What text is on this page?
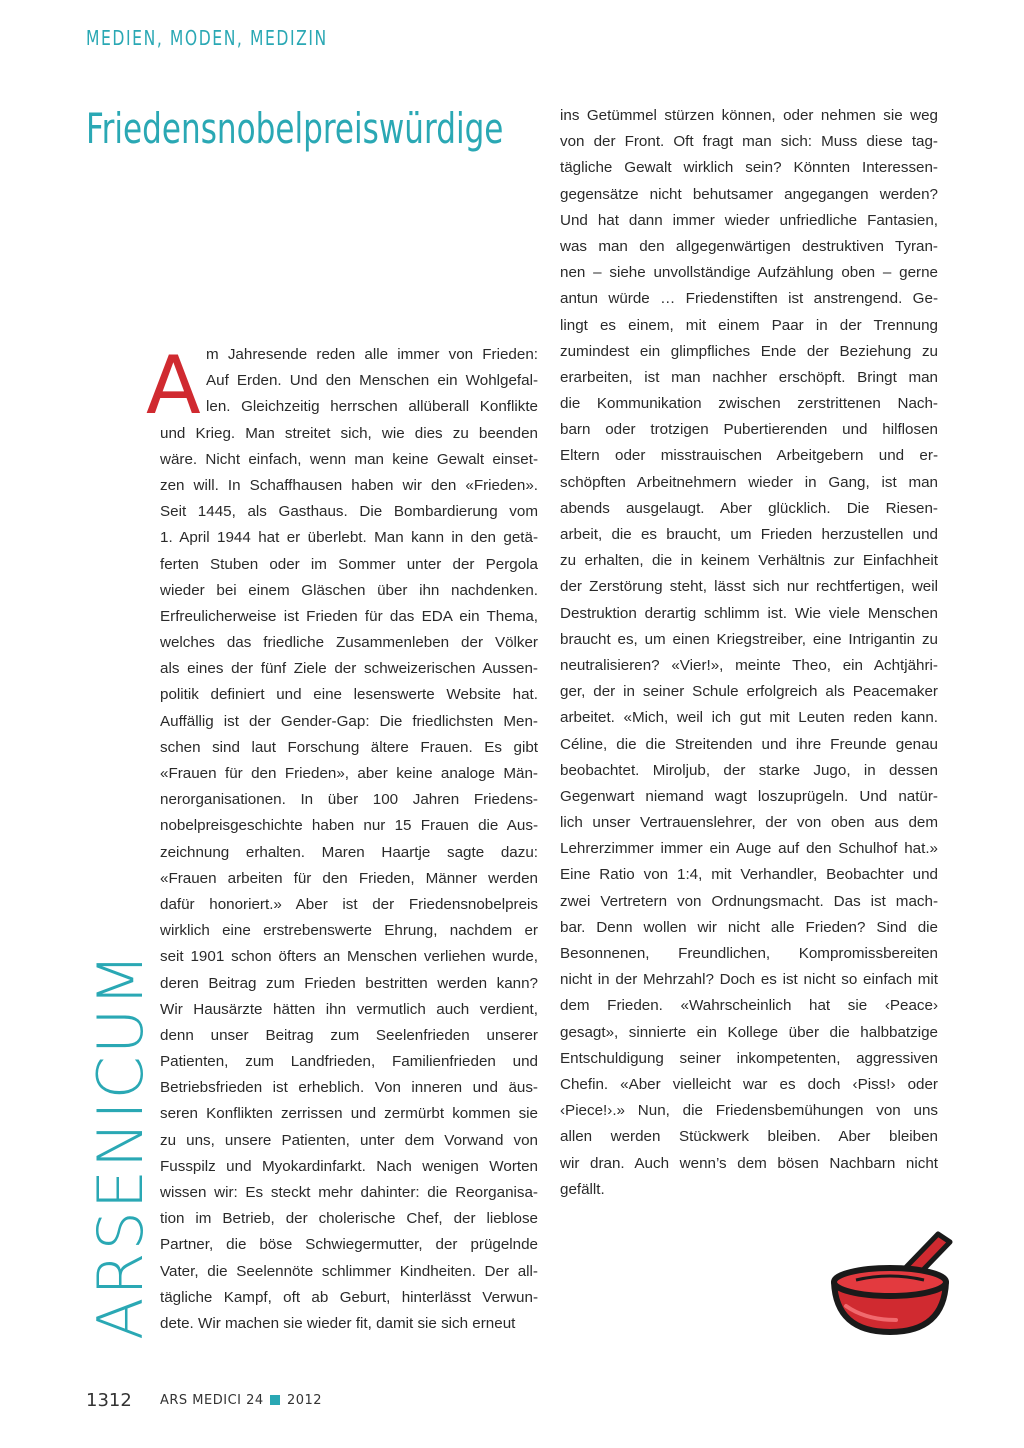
MEDIEN, MODEN, MEDIZIN
Friedensnobelpreiswürdige
A m Jahresende reden alle immer von Frieden:
Auf Erden. Und den Menschen ein Wohlgefal-
len. Gleichzeitig herrschen allüberall Konflikte
und Krieg. Man streitet sich, wie dies zu beenden
wäre. Nicht einfach, wenn man keine Gewalt einset-
zen will. In Schaffhausen haben wir den «Frieden».
Seit 1445, als Gasthaus. Die Bombardierung vom
1. April 1944 hat er überlebt. Man kann in den getä-
ferten Stuben oder im Sommer unter der Pergola
wieder bei einem Gläschen über ihn nachdenken.
Erfreulicherweise ist Frieden für das EDA ein Thema,
welches das friedliche Zusammenleben der Völker
als eines der fünf Ziele der schweizerischen Aussen-
politik definiert und eine lesenswerte Website hat.
Auffällig ist der Gender-Gap: Die friedlichsten Men-
schen sind laut Forschung ältere Frauen. Es gibt
«Frauen für den Frieden», aber keine analoge Män-
nerorganisationen. In über 100 Jahren Friedens-
nobelpreisgeschichte haben nur 15 Frauen die Aus-
zeichnung erhalten. Maren Haartje sagte dazu:
«Frauen arbeiten für den Frieden, Männer werden
dafür honoriert.» Aber ist der Friedensnobelpreis
wirklich eine erstrebenswerte Ehrung, nachdem er
seit 1901 schon öfters an Menschen verliehen wurde,
deren Beitrag zum Frieden bestritten werden kann?
Wir Hausärzte hätten ihn vermutlich auch verdient,
denn unser Beitrag zum Seelenfrieden unserer
Patienten, zum Landfrieden, Familienfrieden und
Betriebsfrieden ist erheblich. Von inneren und äus-
seren Konflikten zerrissen und zermürbt kommen sie
zu uns, unsere Patienten, unter dem Vorwand von
Fusspilz und Myokardinfarkt. Nach wenigen Worten
wissen wir: Es steckt mehr dahinter: die Reorganisa-
tion im Betrieb, der cholerische Chef, der lieblose
Partner, die böse Schwiegermutter, der prügelnde
Vater, die Seelennöte schlimmer Kindheiten. Der all-
tägliche Kampf, oft ab Geburt, hinterlässt Verwun-
dete. Wir machen sie wieder fit, damit sie sich erneut
ins Getümmel stürzen können, oder nehmen sie weg
von der Front. Oft fragt man sich: Muss diese tag-
tägliche Gewalt wirklich sein? Könnten Interessen-
gegensätze nicht behutsamer angegangen werden?
Und hat dann immer wieder unfriedliche Fantasien,
was man den allgegenwärtigen destruktiven Tyran-
nen – siehe unvollständige Aufzählung oben – gerne
antun würde … Friedenstiften ist anstrengend. Ge-
lingt es einem, mit einem Paar in der Trennung
zumindest ein glimpfliches Ende der Beziehung zu
erarbeiten, ist man nachher erschöpft. Bringt man
die Kommunikation zwischen zerstrittenen Nach-
barn oder trotzigen Pubertierenden und hilflosen
Eltern oder misstrauischen Arbeitgebern und er-
schöpften Arbeitnehmern wieder in Gang, ist man
abends ausgelaugt. Aber glücklich. Die Riesen-
arbeit, die es braucht, um Frieden herzustellen und
zu erhalten, die in keinem Verhältnis zur Einfachheit
der Zerstörung steht, lässt sich nur rechtfertigen, weil
Destruktion derartig schlimm ist. Wie viele Menschen
braucht es, um einen Kriegstreiber, eine Intrigantin zu
neutralisieren? «Vier!», meinte Theo, ein Achtjähri-
ger, der in seiner Schule erfolgreich als Peacemaker
arbeitet. «Mich, weil ich gut mit Leuten reden kann.
Céline, die die Streitenden und ihre Freunde genau
beobachtet. Miroljub, der starke Jugo, in dessen
Gegenwart niemand wagt loszuprügeln. Und natür-
lich unser Vertrauenslehrer, der von oben aus dem
Lehrerzimmer immer ein Auge auf den Schulhof hat.»
Eine Ratio von 1:4, mit Verhandler, Beobachter und
zwei Vertretern von Ordnungsmacht. Das ist mach-
bar. Denn wollen wir nicht alle Frieden? Sind die
Besonnenen, Freundlichen, Kompromissbereiten
nicht in der Mehrzahl? Doch es ist nicht so einfach mit
dem Frieden. «Wahrscheinlich hat sie ‹Peace›
gesagt», sinnierte ein Kollege über die halbbatzige
Entschuldigung seiner inkompetenten, aggressiven
Chefin. «Aber vielleicht war es doch ‹Piss!› oder
‹Piece!›.» Nun, die Friedensbemühungen von uns
allen werden Stückwerk bleiben. Aber bleiben
wir dran. Auch wenn’s dem bösen Nachbarn nicht
gefällt.
ARSENICUM
1312 ARS MEDICI 24 2012
